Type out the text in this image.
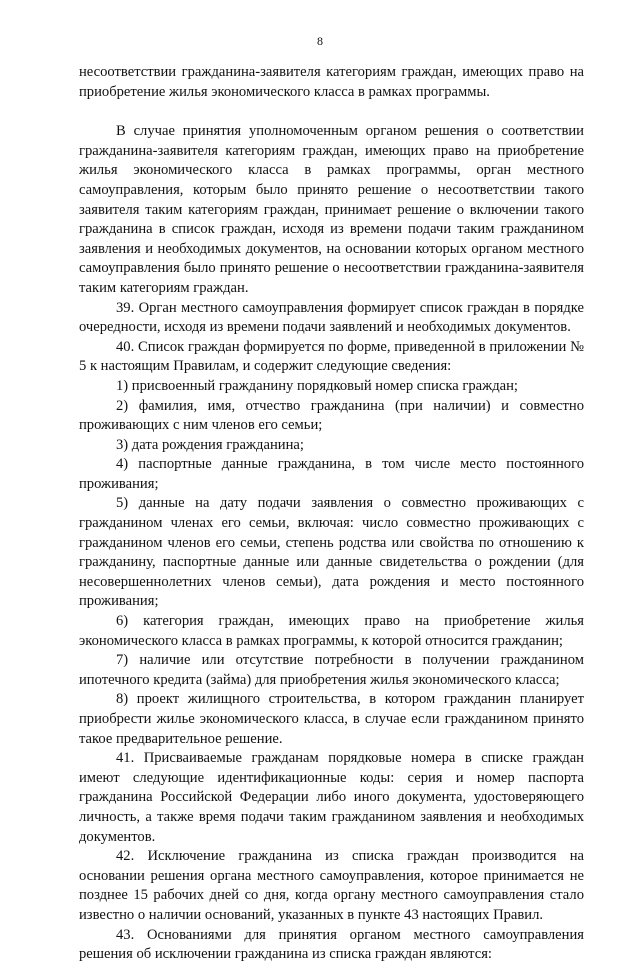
8

несоответствии гражданина-заявителя категориям граждан, имеющих право на приобретение жилья экономического класса в рамках программы.

В случае принятия уполномоченным органом решения о соответствии гражданина-заявителя категориям граждан, имеющих право на приобретение жилья экономического класса в рамках программы, орган местного самоуправления, которым было принято решение о несоответствии такого заявителя таким категориям граждан, принимает решение о включении такого гражданина в список граждан, исходя из времени подачи таким гражданином заявления и необходимых документов, на основании которых органом местного самоуправления было принято решение о несоответствии гражданина-заявителя таким категориям граждан.

39. Орган местного самоуправления формирует список граждан в порядке очередности, исходя из времени подачи заявлений и необходимых документов.

40. Список граждан формируется по форме, приведенной в приложении № 5 к настоящим Правилам, и содержит следующие сведения:

1) присвоенный гражданину порядковый номер списка граждан;

2) фамилия, имя, отчество гражданина (при наличии) и совместно проживающих с ним членов его семьи;

3) дата рождения гражданина;

4) паспортные данные гражданина, в том числе место постоянного проживания;

5) данные на дату подачи заявления о совместно проживающих с гражданином членах его семьи, включая: число совместно проживающих с гражданином членов его семьи, степень родства или свойства по отношению к гражданину, паспортные данные или данные свидетельства о рождении (для несовершеннолетних членов семьи), дата рождения и место постоянного проживания;

6) категория граждан, имеющих право на приобретение жилья экономического класса в рамках программы, к которой относится гражданин;

7) наличие или отсутствие потребности в получении гражданином ипотечного кредита (займа) для приобретения жилья экономического класса;

8) проект жилищного строительства, в котором гражданин планирует приобрести жилье экономического класса, в случае если гражданином принято такое предварительное решение.

41. Присваиваемые гражданам порядковые номера в списке граждан имеют следующие идентификационные коды: серия и номер паспорта гражданина Российской Федерации либо иного документа, удостоверяющего личность, а также время подачи таким гражданином заявления и необходимых документов.

42. Исключение гражданина из списка граждан производится на основании решения органа местного самоуправления, которое принимается не позднее 15 рабочих дней со дня, когда органу местного самоуправления стало известно о наличии оснований, указанных в пункте 43 настоящих Правил.

43. Основаниями для принятия органом местного самоуправления решения об исключении гражданина из списка граждан являются:
